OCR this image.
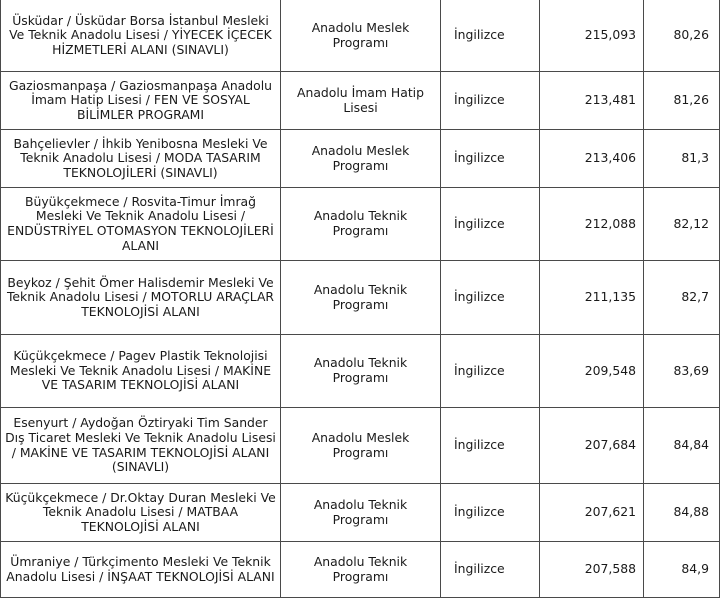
Üsküdar / Üsküdar Borsa İstanbul Mesleki Ve Teknik Anadolu Lisesi / YİYECEK İÇECEK HİZMETLERİ ALANI (SINAVLI)	Anadolu Meslek Programı	İngilizce	215,093	80,26
Gaziosmanpaşa / Gaziosmanpaşa Anadolu İmam Hatip Lisesi / FEN VE SOSYAL BİLİMLER PROGRAMI	Anadolu İmam Hatip Lisesi	İngilizce	213,481	81,26
Bahçelievler / İhkib Yenibosna Mesleki Ve Teknik Anadolu Lisesi / MODA TASARIM TEKNOLOJİLERİ (SINAVLI)	Anadolu Meslek Programı	İngilizce	213,406	81,3
Büyükçekmece / Rosvita-Timur İmrağ Mesleki Ve Teknik Anadolu Lisesi / ENDÜSTRİYEL OTOMASYON TEKNOLOJİLERİ ALANI	Anadolu Teknik Programı	İngilizce	212,088	82,12
Beykoz / Şehit Ömer Halisdemir Mesleki Ve Teknik Anadolu Lisesi / MOTORLU ARAÇLAR TEKNOLOJİSİ ALANI	Anadolu Teknik Programı	İngilizce	211,135	82,7
Küçükçekmece / Pagev Plastik Teknolojisi Mesleki Ve Teknik Anadolu Lisesi / MAKİNE VE TASARIM TEKNOLOJİSİ ALANI	Anadolu Teknik Programı	İngilizce	209,548	83,69
Esenyurt / Aydoğan Öztiryaki Tim Sander Dış Ticaret Mesleki Ve Teknik Anadolu Lisesi / MAKİNE VE TASARIM TEKNOLOJİSİ ALANI (SINAVLI)	Anadolu Meslek Programı	İngilizce	207,684	84,84
Küçükçekmece / Dr.Oktay Duran Mesleki Ve Teknik Anadolu Lisesi / MATBAA TEKNOLOJİSİ ALANI	Anadolu Teknik Programı	İngilizce	207,621	84,88
Ümraniye / Türkçimento Mesleki Ve Teknik Anadolu Lisesi / İNŞAAT TEKNOLOJİSİ ALANI	Anadolu Teknik Programı	İngilizce	207,588	84,9
